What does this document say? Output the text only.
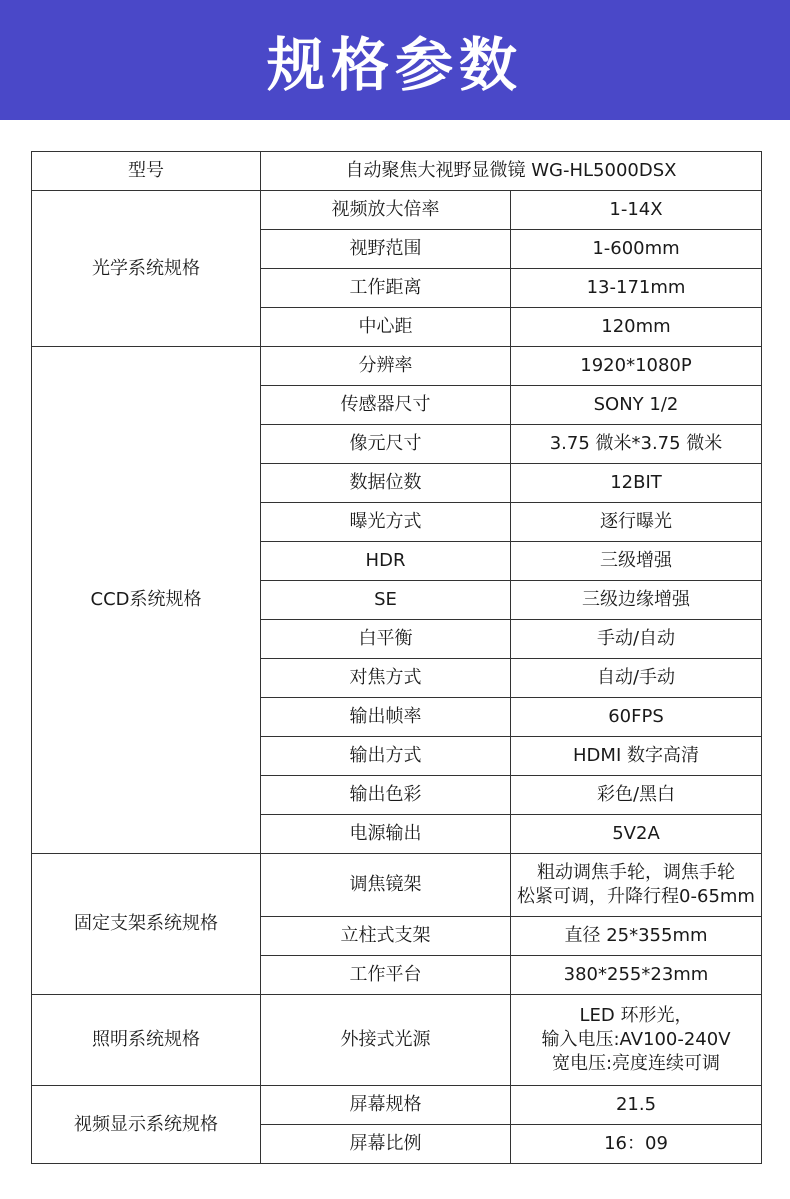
规格参数
型号	自动聚焦大视野显微镜 WG-HL5000DSX	
光学系统规格	视频放大倍率	1-14X

	视野范围	1-600mm

	工作距离	13-171mm

	中心距	120mm

CCD系统规格	分辨率	1920*1080P

	传感器尺寸	SONY 1/2

	像元尺寸	3.75 微米*3.75 微米

	数据位数	12BIT

	曝光方式	逐行曝光

	HDR	三级增强

	SE	三级边缘增强

	白平衡	手动/自动

	对焦方式	自动/手动

	输出帧率	60FPS

	输出方式	HDMI 数字高清

	输出色彩	彩色/黑白

	电源输出	5V2A

固定支架系统规格	调焦镜架	粗动调焦手轮，调焦手轮
松紧可调，升降行程0-65mm

	立柱式支架	直径 25*355mm

	工作平台	380*255*23mm

照明系统规格	外接式光源	LED 环形光，
输入电压:AV100-240V
宽电压:亮度连续可调

视频显示系统规格	屏幕规格	21.5

	屏幕比例	16：09
